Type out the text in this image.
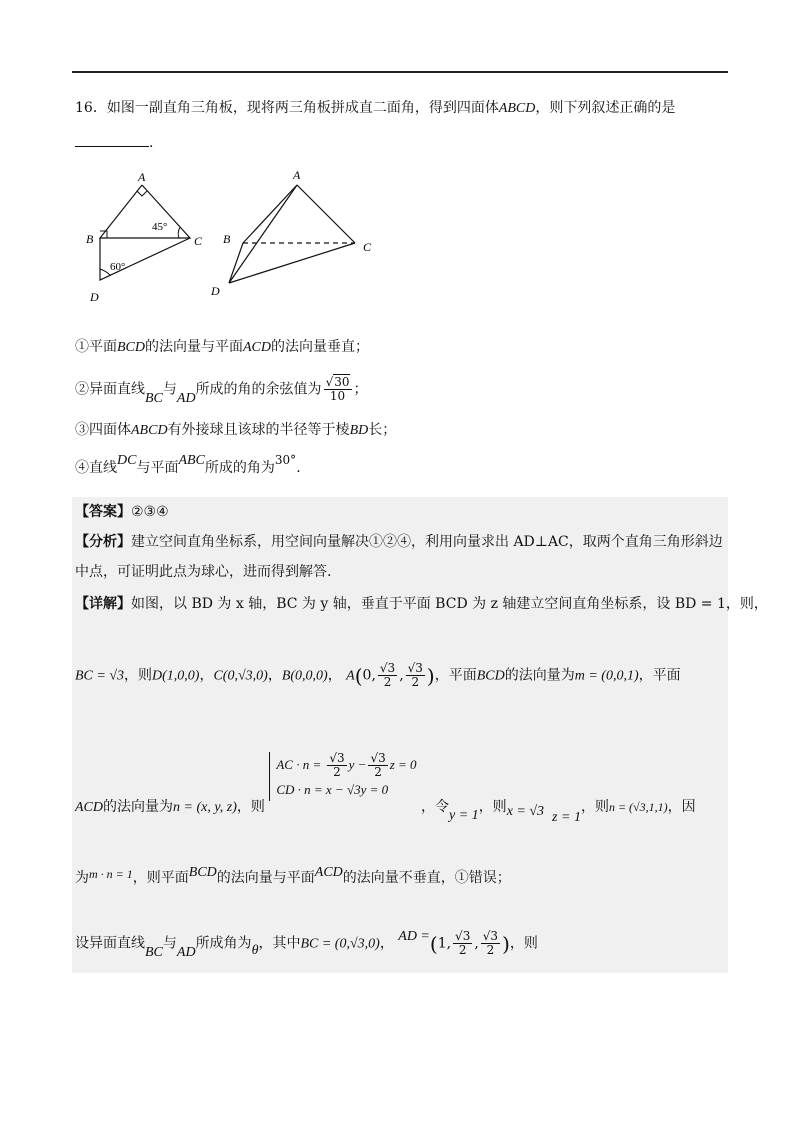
16．如图一副直角三角板，现将两三角板拼成直二面角，得到四面体ABCD，则下列叙述正确的是
.
A
B	C
D
45°
60°
A
B
C
D
①平面BCD的法向量与平面ACD的法向量垂直；
②异面直线BC与AD所成的角的余弦值为 $\frac{√30}{10}$ ；
③四面体ABCD有外接球且该球的半径等于棱BD长；
④直线DC与平面ABC所成的角为30°.
【答案】②③④
【分析】建立空间直角坐标系，用空间向量解决①②④，利用向量求出 AD⊥AC，取两个直角三角形斜边
中点，可证明此点为球心，进而得到解答.
【详解】如图，以 BD 为 x 轴，BC 为 y 轴，垂直于平面 BCD 为 z 轴建立空间直角坐标系，设 BD = 1，则，
BC = √3，则D(1,0,0)，C(0,√3,0)，B(0,0,0)， A(0, $\frac{√3}{2}$ , $\frac{√3}{2}$ )，平面BCD的法向量为m = (0,0,1)，平面
ACD的法向量为n = (x, y, z)，则
AC · $n = \frac{√3}{2}$ $y - \frac{√3}{2}$ z = 0
CD · n = x − √3y = 0
，令y = 1，则x = √3 z = 1，则n = (√3,1,1)，因
为m · n = 1，则平面BCD的法向量与平面ACD的法向量不垂直，①错误；
设异面直线BC与AD所成角为θ，其中BC = (0,√3,0)， AD =(1, $\frac{√3}{2}$ , $\frac{√3}{2}$ )，则
